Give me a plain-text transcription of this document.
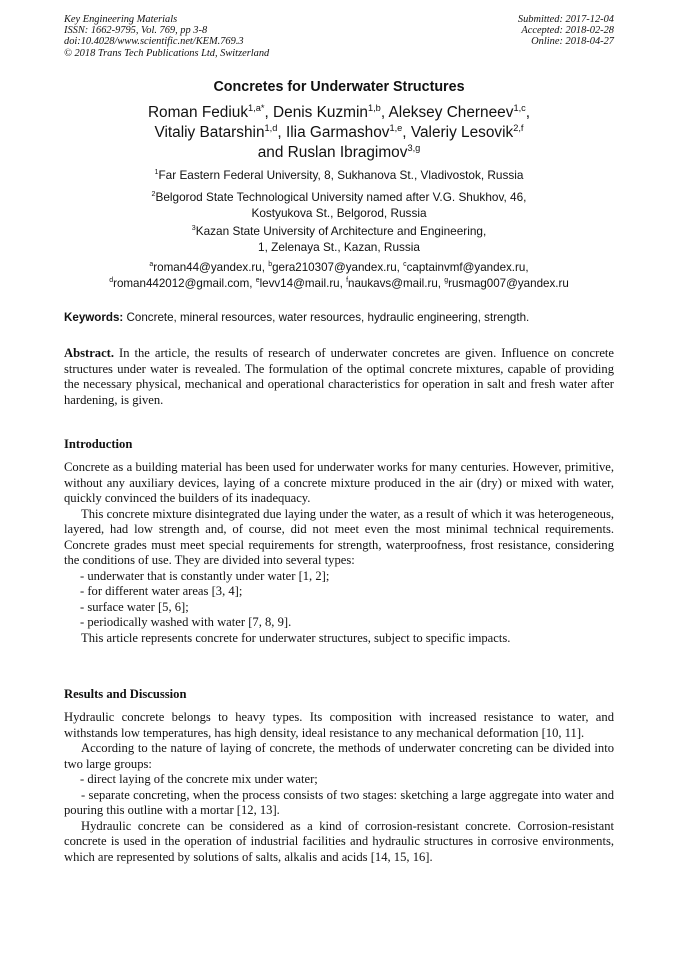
Key Engineering Materials
ISSN: 1662-9795, Vol. 769, pp 3-8
doi:10.4028/www.scientific.net/KEM.769.3
© 2018 Trans Tech Publications Ltd, Switzerland
Submitted: 2017-12-04
Accepted: 2018-02-28
Online: 2018-04-27
Concretes for Underwater Structures
Roman Fediuk$^{1,a*}$, Denis Kuzmin$^{1,b}$, Aleksey Cherneev$^{1,c}$,
Vitaliy Batarshin$^{1,d}$, Ilia Garmashov$^{1,e}$, Valeriy Lesovik$^{2,f}$
and Ruslan Ibragimov$^{3,g}$
$^1$Far Eastern Federal University, 8, Sukhanova St., Vladivostok, Russia
$^2$Belgorod State Technological University named after V.G. Shukhov, 46,
Kostyukova St., Belgorod, Russia
$^3$Kazan State University of Architecture and Engineering,
1, Zelenaya St., Kazan, Russia
$^a$roman44@yandex.ru, $^b$gera210307@yandex.ru, $^c$captainvmf@yandex.ru,
$^d$roman442012@gmail.com, $^e$levv14@mail.ru, $^f$naukavs@mail.ru, $^g$rusmag007@yandex.ru
Keywords: Concrete, mineral resources, water resources, hydraulic engineering, strength.

Abstract. In the article, the results of research of underwater concretes are given. Influence on concrete structures under water is revealed. The formulation of the optimal concrete mixtures, capable of providing the necessary physical, mechanical and operational characteristics for operation in salt and fresh water after hardening, is given.

Introduction

Concrete as a building material has been used for underwater works for many centuries. However, primitive, without any auxiliary devices, laying of a concrete mixture produced in the air (dry) or mixed with water, quickly convinced the builders of its inadequacy.

This concrete mixture disintegrated due laying under the water, as a result of which it was heterogeneous, layered, had low strength and, of course, did not meet even the most minimal technical requirements. Concrete grades must meet special requirements for strength, waterproofness, frost resistance, considering the conditions of use. They are divided into several types:

- underwater that is constantly under water [1, 2];

- for different water areas [3, 4];

- surface water [5, 6];

- periodically washed with water [7, 8, 9].

This article represents concrete for underwater structures, subject to specific impacts.

Results and Discussion

Hydraulic concrete belongs to heavy types. Its composition with increased resistance to water, and withstands low temperatures, has high density, ideal resistance to any mechanical deformation [10, 11].

According to the nature of laying of concrete, the methods of underwater concreting can be divided into two large groups:

- direct laying of the concrete mix under water;

- separate concreting, when the process consists of two stages: sketching a large aggregate into water and pouring this outline with a mortar [12, 13].

Hydraulic concrete can be considered as a kind of corrosion-resistant concrete. Corrosion-resistant concrete is used in the operation of industrial facilities and hydraulic structures in corrosive environments, which are represented by solutions of salts, alkalis and acids [14, 15, 16].
